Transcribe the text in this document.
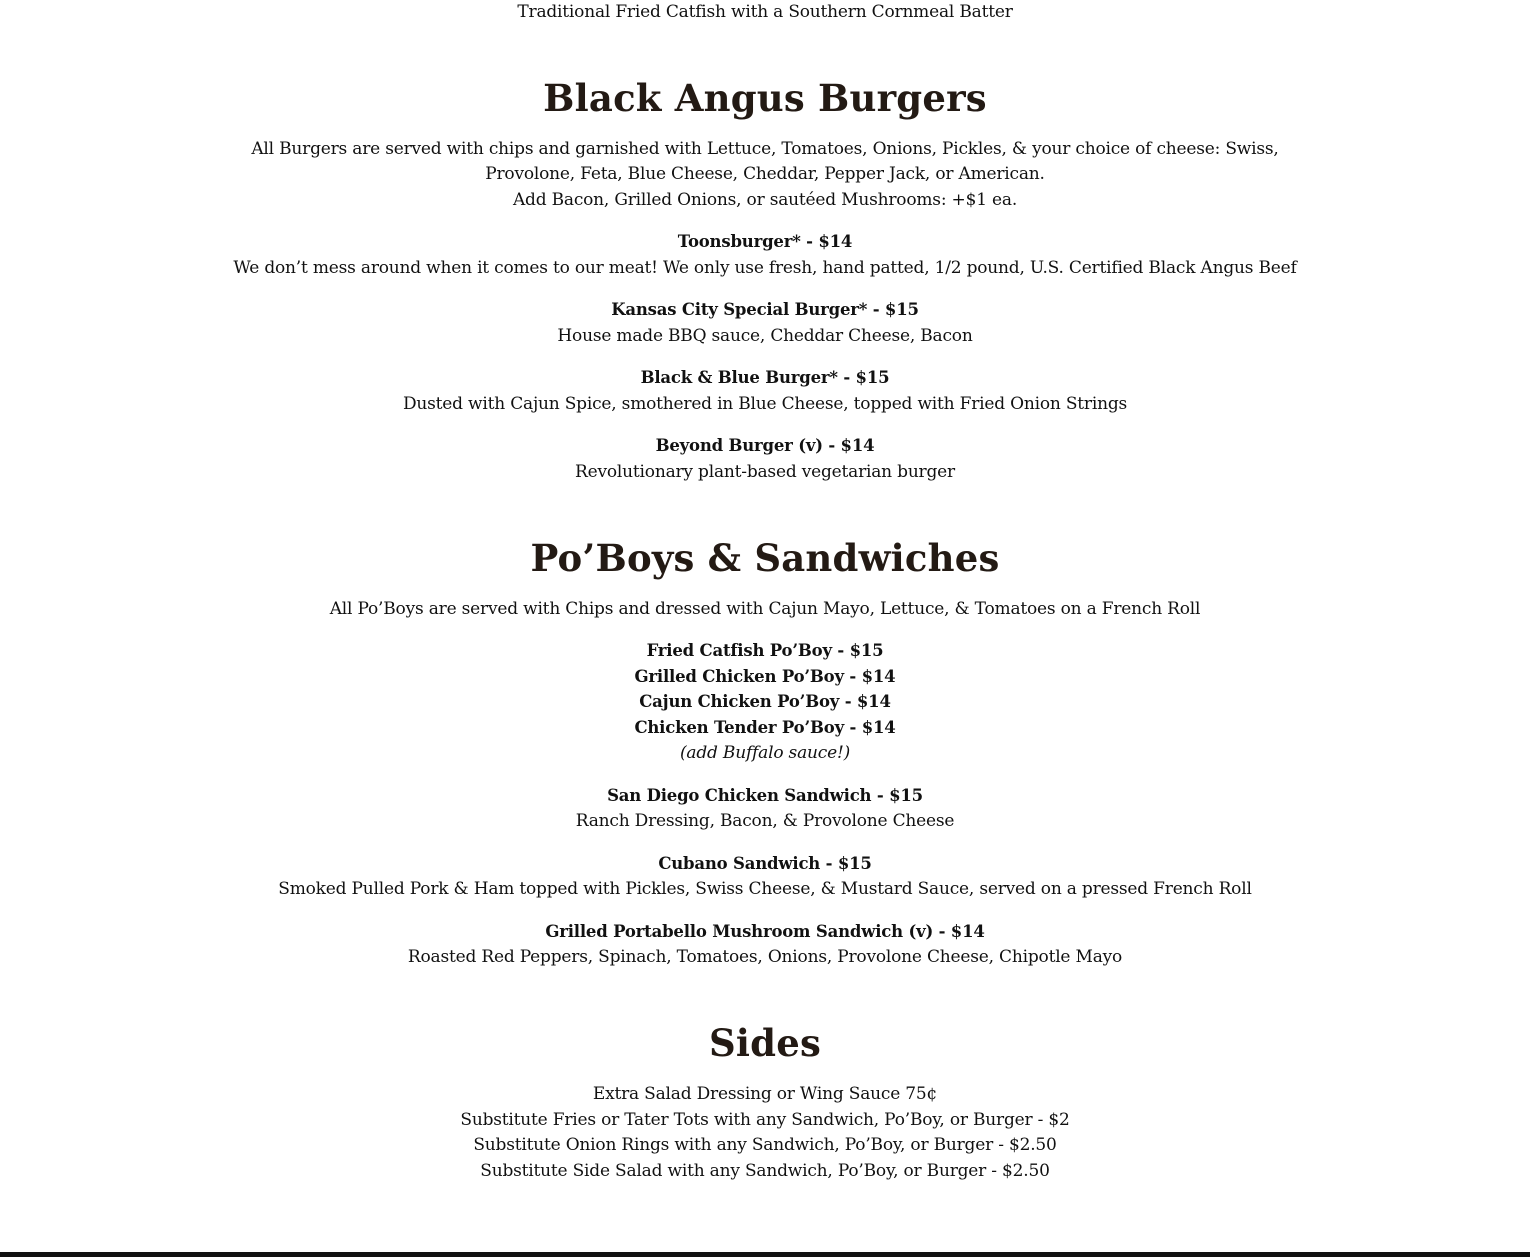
Traditional Fried Catfish with a Southern Cornmeal Batter
Black Angus Burgers
All Burgers are served with chips and garnished with Lettuce, Tomatoes, Onions, Pickles, & your choice of cheese: Swiss,
Provolone, Feta, Blue Cheese, Cheddar, Pepper Jack, or American.
Add Bacon, Grilled Onions, or sautéed Mushrooms: +$1 ea.
Toonsburger* - $14
We don’t mess around when it comes to our meat! We only use fresh, hand patted, 1/2 pound, U.S. Certified Black Angus Beef
Kansas City Special Burger* - $15
House made BBQ sauce, Cheddar Cheese, Bacon
Black & Blue Burger* - $15
Dusted with Cajun Spice, smothered in Blue Cheese, topped with Fried Onion Strings
Beyond Burger (v) - $14
Revolutionary plant-based vegetarian burger
Po’Boys & Sandwiches
All Po’Boys are served with Chips and dressed with Cajun Mayo, Lettuce, & Tomatoes on a French Roll
Fried Catfish Po’Boy - $15
Grilled Chicken Po’Boy - $14
Cajun Chicken Po’Boy - $14
Chicken Tender Po’Boy - $14
(add Buffalo sauce!)
San Diego Chicken Sandwich - $15
Ranch Dressing, Bacon, & Provolone Cheese
Cubano Sandwich - $15
Smoked Pulled Pork & Ham topped with Pickles, Swiss Cheese, & Mustard Sauce, served on a pressed French Roll
Grilled Portabello Mushroom Sandwich (v) - $14
Roasted Red Peppers, Spinach, Tomatoes, Onions, Provolone Cheese, Chipotle Mayo
Sides
Extra Salad Dressing or Wing Sauce 75¢
Substitute Fries or Tater Tots with any Sandwich, Po’Boy, or Burger - $2
Substitute Onion Rings with any Sandwich, Po’Boy, or Burger - $2.50
Substitute Side Salad with any Sandwich, Po’Boy, or Burger - $2.50
